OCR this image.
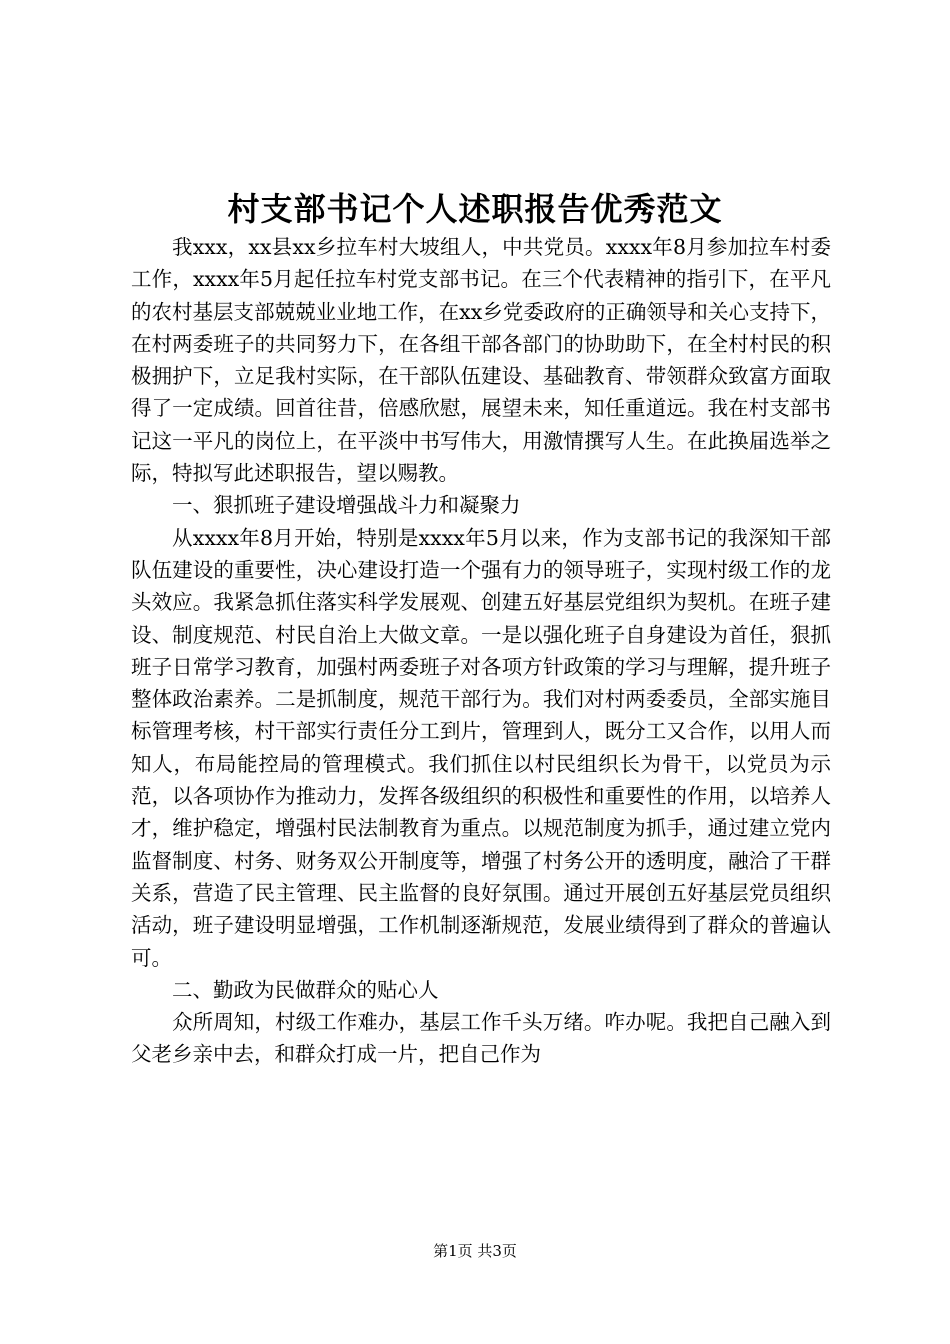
村支部书记个人述职报告优秀范文

我xxx，xx县xx乡拉车村大坡组人，中共党员。xxxx年8月参加拉车村委工作，xxxx年5月起任拉车村党支部书记。在三个代表精神的指引下，在平凡的农村基层支部兢兢业业地工作，在xx乡党委政府的正确领导和关心支持下，在村两委班子的共同努力下，在各组干部各部门的协助助下，在全村村民的积极拥护下，立足我村实际，在干部队伍建设、基础教育、带领群众致富方面取得了一定成绩。回首往昔，倍感欣慰，展望未来，知任重道远。我在村支部书记这一平凡的岗位上，在平淡中书写伟大，用激情撰写人生。在此换届选举之际，特拟写此述职报告，望以赐教。

一、狠抓班子建设增强战斗力和凝聚力

从xxxx年8月开始，特别是xxxx年5月以来，作为支部书记的我深知干部队伍建设的重要性，决心建设打造一个强有力的领导班子，实现村级工作的龙头效应。我紧急抓住落实科学发展观、创建五好基层党组织为契机。在班子建设、制度规范、村民自治上大做文章。一是以强化班子自身建设为首任，狠抓班子日常学习教育，加强村两委班子对各项方针政策的学习与理解，提升班子整体政治素养。二是抓制度，规范干部行为。我们对村两委委员，全部实施目标管理考核，村干部实行责任分工到片，管理到人，既分工又合作，以用人而知人，布局能控局的管理模式。我们抓住以村民组织长为骨干，以党员为示范，以各项协作为推动力，发挥各级组织的积极性和重要性的作用，以培养人才，维护稳定，增强村民法制教育为重点。以规范制度为抓手，通过建立党内监督制度、村务、财务双公开制度等，增强了村务公开的透明度，融洽了干群关系，营造了民主管理、民主监督的良好氛围。通过开展创五好基层党员组织活动，班子建设明显增强，工作机制逐渐规范，发展业绩得到了群众的普遍认可。

二、勤政为民做群众的贴心人

众所周知，村级工作难办，基层工作千头万绪。咋办呢。我把自己融入到父老乡亲中去，和群众打成一片，把自己作为

第1页 共3页
